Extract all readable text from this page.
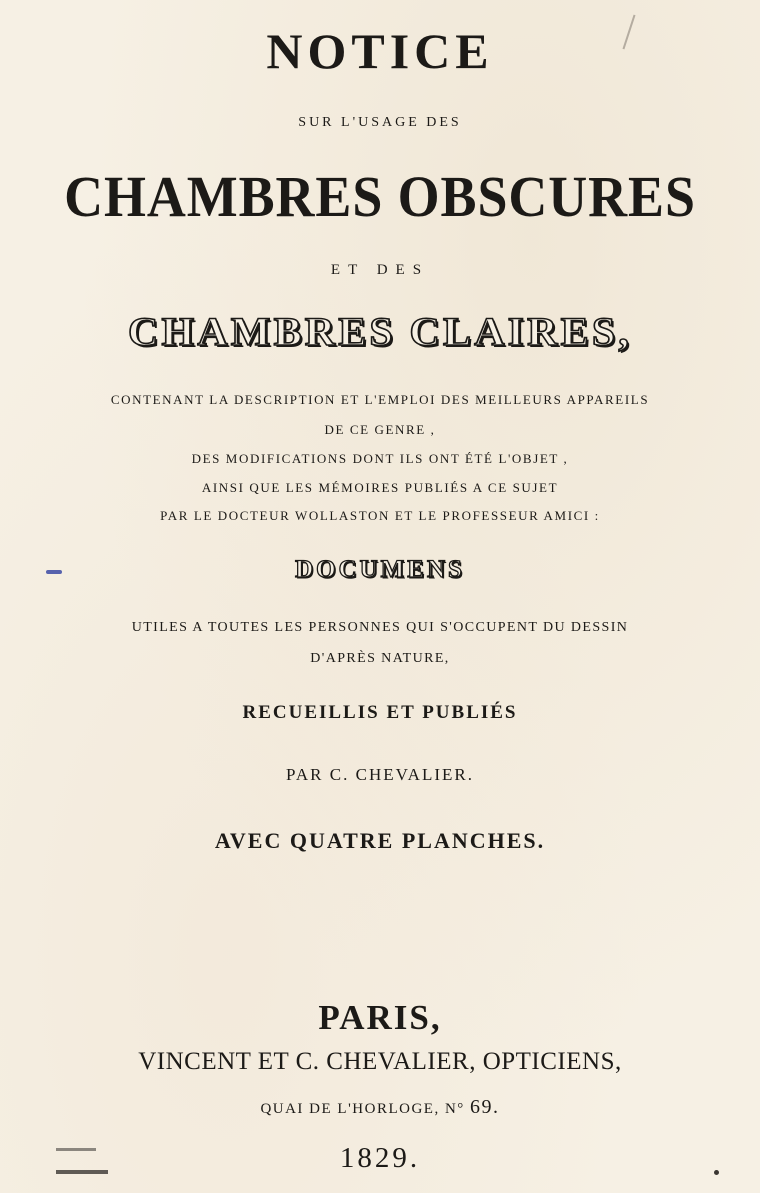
NOTICE
SUR L'USAGE DES
CHAMBRES OBSCURES
ET DES
CHAMBRES CLAIRES,
CONTENANT LA DESCRIPTION ET L'EMPLOI DES MEILLEURS APPAREILS
DE CE GENRE ,
DES MODIFICATIONS DONT ILS ONT ÉTÉ L'OBJET ,
AINSI QUE LES MÉMOIRES PUBLIÉS A CE SUJET
PAR LE DOCTEUR WOLLASTON ET LE PROFESSEUR AMICI :
DOCUMENS
UTILES A TOUTES LES PERSONNES QUI S'OCCUPENT DU DESSIN
D'APRÈS NATURE,
RECUEILLIS ET PUBLIÉS
PAR C. CHEVALIER.
AVEC QUATRE PLANCHES.
PARIS,
VINCENT ET C. CHEVALIER, OPTICIENS,
QUAI DE L'HORLOGE, N° 69.
1829.
